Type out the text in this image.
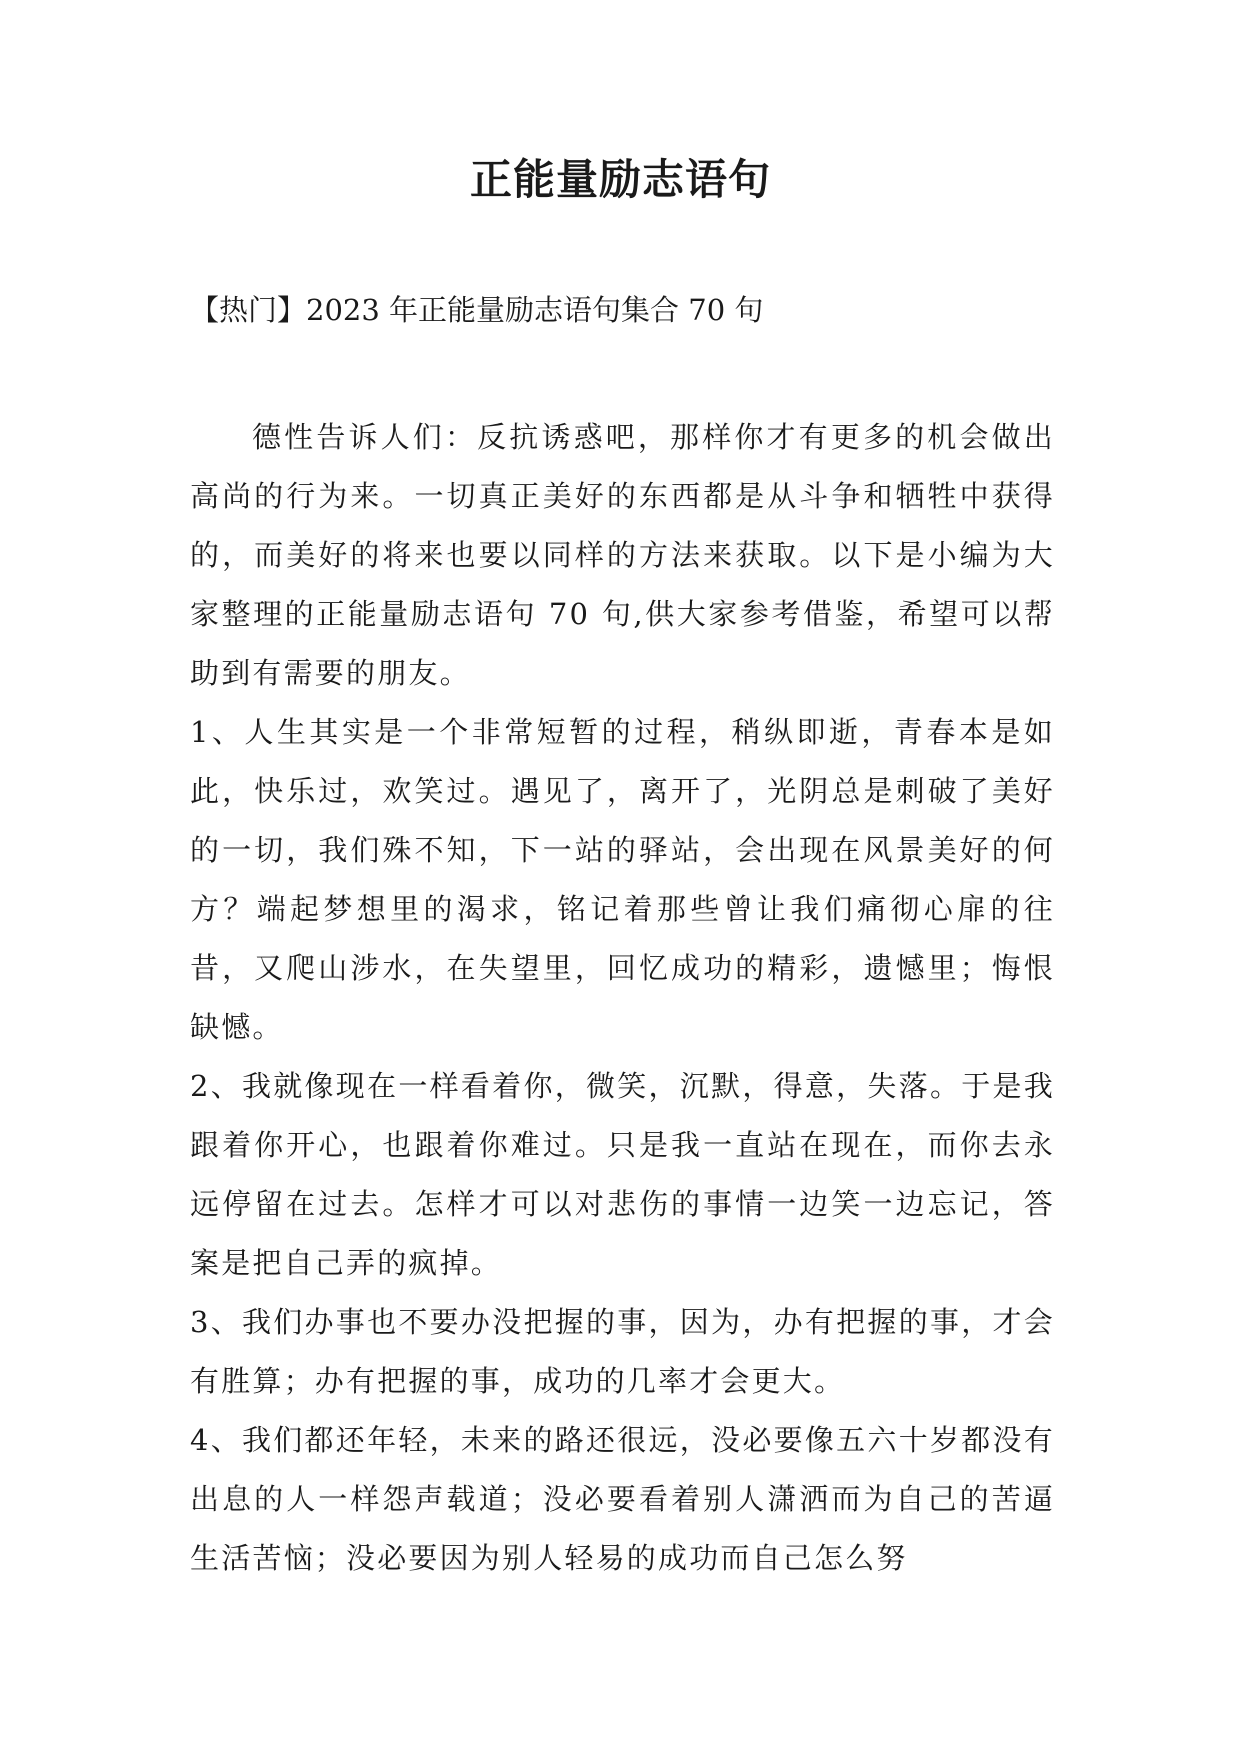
正能量励志语句

【热门】2023 年正能量励志语句集合 70 句

德性告诉人们：反抗诱惑吧，那样你才有更多的机会做出高尚的行为来。一切真正美好的东西都是从斗争和牺牲中获得的，而美好的将来也要以同样的方法来获取。以下是小编为大家整理的正能量励志语句 70 句,供大家参考借鉴，希望可以帮助到有需要的朋友。

1、人生其实是一个非常短暂的过程，稍纵即逝，青春本是如此，快乐过，欢笑过。遇见了，离开了，光阴总是刺破了美好的一切，我们殊不知，下一站的驿站，会出现在风景美好的何方？端起梦想里的渴求，铭记着那些曾让我们痛彻心扉的往昔，又爬山涉水，在失望里，回忆成功的精彩，遗憾里；悔恨缺憾。

2、我就像现在一样看着你，微笑，沉默，得意，失落。于是我跟着你开心，也跟着你难过。只是我一直站在现在，而你去永远停留在过去。怎样才可以对悲伤的事情一边笑一边忘记，答案是把自己弄的疯掉。

3、我们办事也不要办没把握的事，因为，办有把握的事，才会有胜算；办有把握的事，成功的几率才会更大。

4、我们都还年轻，未来的路还很远，没必要像五六十岁都没有出息的人一样怨声载道；没必要看着别人潇洒而为自己的苦逼生活苦恼；没必要因为别人轻易的成功而自己怎么努
